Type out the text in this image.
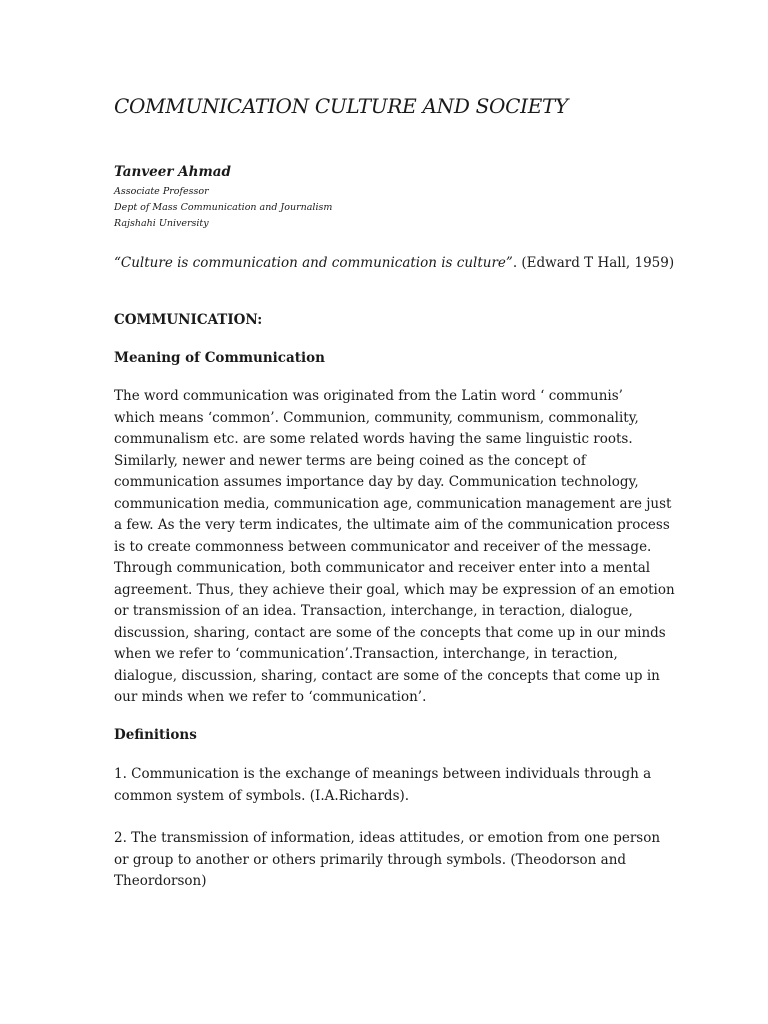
COMMUNICATION CULTURE AND SOCIETY
Tanveer Ahmad
Associate Professor
Dept of Mass Communication and Journalism
Rajshahi University
“Culture is communication and communication is culture”. (Edward T Hall, 1959)
COMMUNICATION:
Meaning of Communication
The word communication was originated from the Latin word ‘ communis’
which means ‘common’. Communion, community, communism, commonality,
communalism etc. are some related words having the same linguistic roots.
Similarly, newer and newer terms are being coined as the concept of
communication assumes importance day by day. Communication technology,
communication media, communication age, communication management are just
a few. As the very term indicates, the ultimate aim of the communication process
is to create commonness between communicator and receiver of the message.
Through communication, both communicator and receiver enter into a mental
agreement. Thus, they achieve their goal, which may be expression of an emotion
or transmission of an idea. Transaction, interchange, in teraction, dialogue,
discussion, sharing, contact are some of the concepts that come up in our minds
when we refer to ‘communication’.Transaction, interchange, in teraction,
dialogue, discussion, sharing, contact are some of the concepts that come up in
our minds when we refer to ‘communication’.
Definitions
1. Communication is the exchange of meanings between individuals through a
common system of symbols. (I.A.Richards).
2. The transmission of information, ideas attitudes, or emotion from one person
or group to another or others primarily through symbols. (Theodorson and
Theordorson)
